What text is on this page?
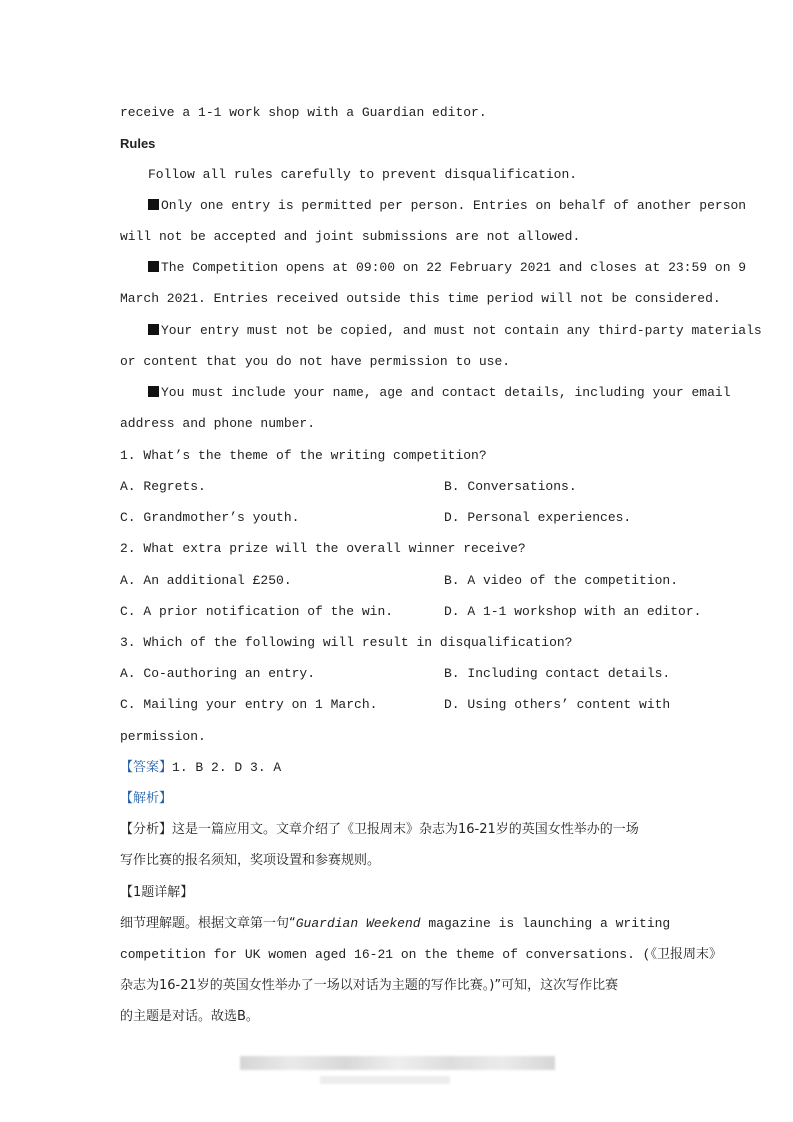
receive a 1-1 work shop with a Guardian editor.
Rules
Follow all rules carefully to prevent disqualification.
Only one entry is permitted per person. Entries on behalf of another person
will not be accepted and joint submissions are not allowed.
The Competition opens at 09:00 on 22 February 2021 and closes at 23:59 on 9
March 2021. Entries received outside this time period will not be considered.
Your entry must not be copied, and must not contain any third-party materials
or content that you do not have permission to use.
You must include your name, age and contact details, including your email
address and phone number.
1. What’s the theme of the writing competition?
A. Regrets.	B. Conversations.
C. Grandmother’s youth.	D. Personal experiences.
2. What extra prize will the overall winner receive?
A. An additional £250.	B. A video of the competition.
C. A prior notification of the win.	D. A 1-1 workshop with an editor.
3. Which of the following will result in disqualification?
A. Co-authoring an entry.	B. Including contact details.
C. Mailing your entry on 1 March.	D. Using others’ content with
permission.
【答案】1. B 2. D 3. A
【解析】
【分析】这是一篇应用文。文章介绍了《卫报周末》杂志为16-21岁的英国女性举办的一场
写作比赛的报名须知，奖项设置和参赛规则。
【1题详解】
细节理解题。根据文章第一句“Guardian Weekend magazine is launching a writing
competition for UK women aged 16-21 on the theme of conversations. (《卫报周末》
杂志为16-21岁的英国女性举办了一场以对话为主题的写作比赛。)”可知，这次写作比赛
的主题是对话。故选B。
